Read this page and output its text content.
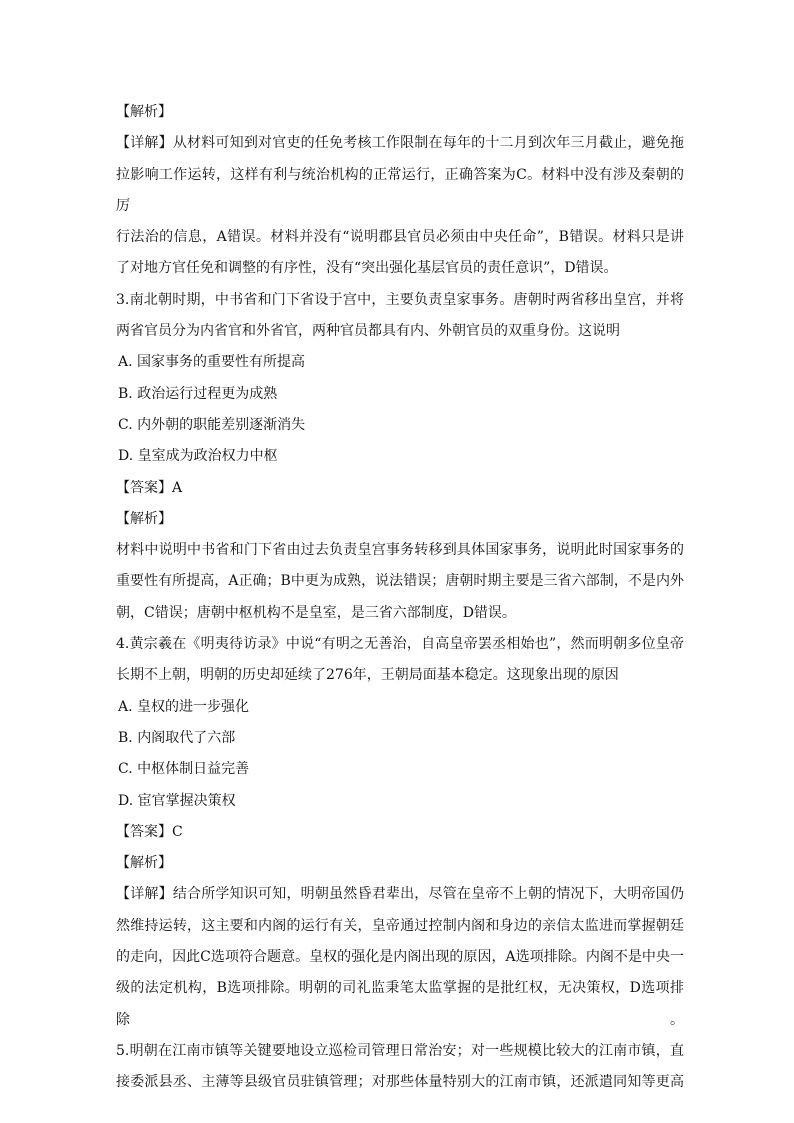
【解析】
【详解】从材料可知到对官吏的任免考核工作限制在每年的十二月到次年三月截止，避免拖
拉影响工作运转，这样有利与统治机构的正常运行，正确答案为C。材料中没有涉及秦朝的厉
行法治的信息，A错误。材料并没有“说明郡县官员必须由中央任命”，B错误。材料只是讲
了对地方官任免和调整的有序性，没有“突出强化基层官员的责任意识”，D错误。
3.南北朝时期，中书省和门下省设于宫中，主要负责皇家事务。唐朝时两省移出皇宫，并将
两省官员分为内省官和外省官，两种官员都具有内、外朝官员的双重身份。这说明
A. 国家事务的重要性有所提高
B. 政治运行过程更为成熟
C. 内外朝的职能差别逐渐消失
D. 皇室成为政治权力中枢
【答案】A
【解析】
材料中说明中书省和门下省由过去负责皇宫事务转移到具体国家事务，说明此时国家事务的
重要性有所提高，A正确；B中更为成熟，说法错误；唐朝时期主要是三省六部制，不是内外
朝，C错误；唐朝中枢机构不是皇室，是三省六部制度，D错误。
4.黄宗羲在《明夷待访录》中说“有明之无善治，自高皇帝罢丞相始也”，然而明朝多位皇帝
长期不上朝，明朝的历史却延续了276年，王朝局面基本稳定。这现象出现的原因
A. 皇权的进一步强化
B. 内阁取代了六部
C. 中枢体制日益完善
D. 宦官掌握决策权
【答案】C
【解析】
【详解】结合所学知识可知，明朝虽然昏君辈出，尽管在皇帝不上朝的情况下，大明帝国仍
然维持运转，这主要和内阁的运行有关，皇帝通过控制内阁和身边的亲信太监进而掌握朝廷
的走向，因此C选项符合题意。皇权的强化是内阁出现的原因，A选项排除。内阁不是中央一
级的法定机构，B选项排除。明朝的司礼监秉笔太监掌握的是批红权，无决策权，D选项排除。
5.明朝在江南市镇等关键要地设立巡检司管理日常治安；对一些规模比较大的江南市镇，直
接委派县丞、主薄等县级官员驻镇管理；对那些体量特别大的江南市镇，还派遣同知等更高
